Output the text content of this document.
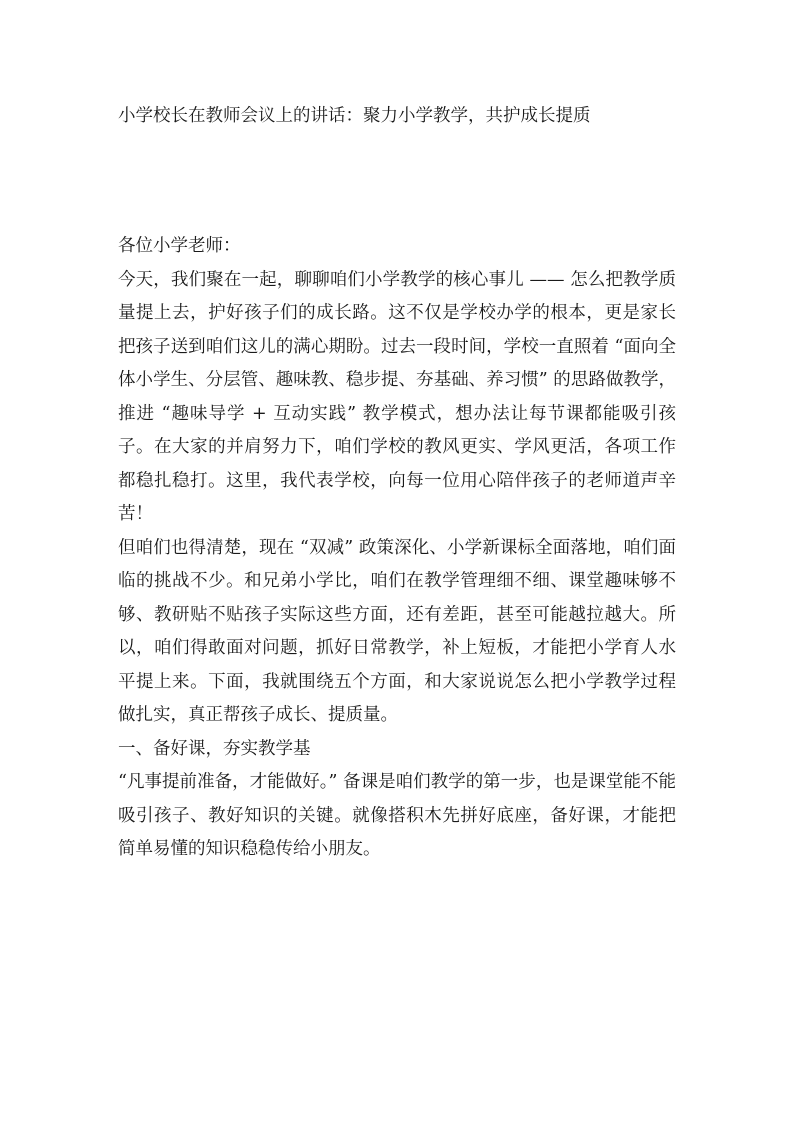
小学校长在教师会议上的讲话：聚力小学教学，共护成长提质

各位小学老师：

今天，我们聚在一起，聊聊咱们小学教学的核心事儿 —— 怎么把教学质量提上去，护好孩子们的成长路。这不仅是学校办学的根本，更是家长把孩子送到咱们这儿的满心期盼。过去一段时间，学校一直照着 “面向全体小学生、分层管、趣味教、稳步提、夯基础、养习惯” 的思路做教学，推进 “趣味导学 + 互动实践” 教学模式，想办法让每节课都能吸引孩子。在大家的并肩努力下，咱们学校的教风更实、学风更活，各项工作都稳扎稳打。这里，我代表学校，向每一位用心陪伴孩子的老师道声辛苦！

但咱们也得清楚，现在 “双减” 政策深化、小学新课标全面落地，咱们面临的挑战不少。和兄弟小学比，咱们在教学管理细不细、课堂趣味够不够、教研贴不贴孩子实际这些方面，还有差距，甚至可能越拉越大。所以，咱们得敢面对问题，抓好日常教学，补上短板，才能把小学育人水平提上来。下面，我就围绕五个方面，和大家说说怎么把小学教学过程做扎实，真正帮孩子成长、提质量。

一、备好课，夯实教学基

“凡事提前准备，才能做好。” 备课是咱们教学的第一步，也是课堂能不能吸引孩子、教好知识的关键。就像搭积木先拼好底座，备好课，才能把简单易懂的知识稳稳传给小朋友。
